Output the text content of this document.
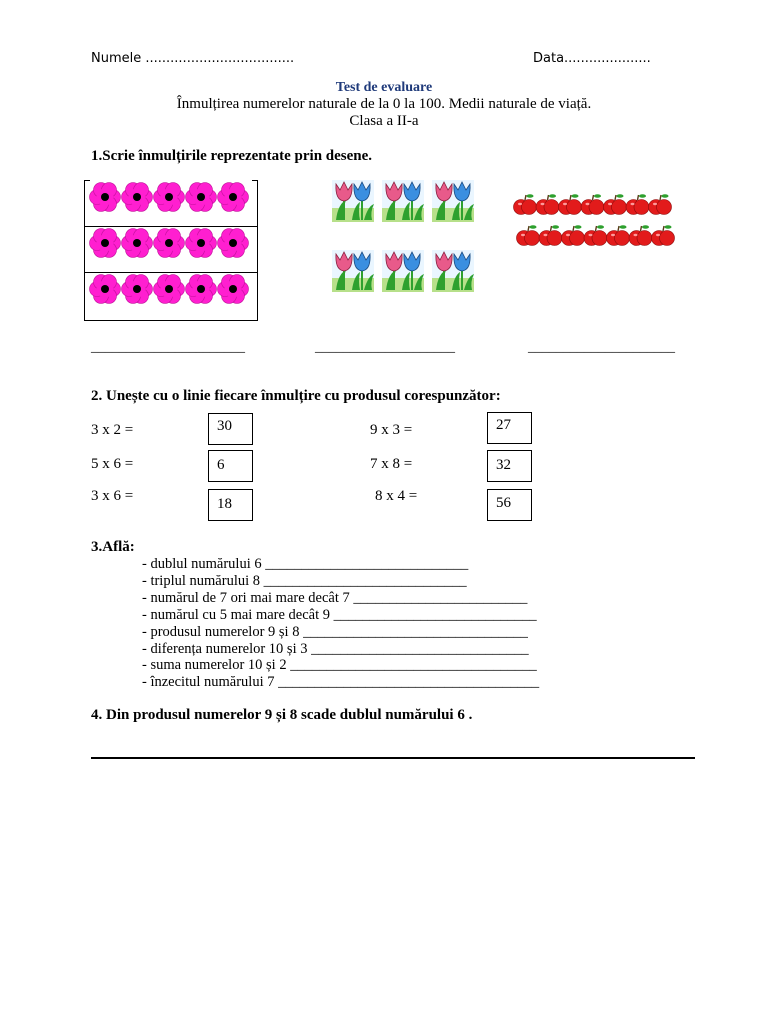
Numele ....................................	Data.....................
Test de evaluare
Înmulțirea numerelor naturale de la 0 la 100. Medii naturale de viață.
Clasa a II-a
1.Scrie înmulțirile reprezentate prin desene.
______________________	____________________	_____________________
2. Unește cu o linie fiecare înmulțire cu produsul corespunzător:
3 x 2 =
5 x 6 =
3 x 6 =
30
6
18
9 x 3 =
7 x 8 =
8 x 4 =
27
32
56
3.Află:
- dublul numărului 6 ____________________________
- triplul numărului 8 ____________________________
- numărul de 7 ori mai mare decât 7 ________________________
- numărul cu 5 mai mare decât 9 ____________________________
- produsul numerelor 9 și 8 _______________________________
- diferența numerelor 10 și 3 ______________________________
- suma numerelor 10 și 2 __________________________________
- înzecitul numărului 7 ____________________________________
4. Din produsul numerelor 9 și 8 scade dublul numărului 6 .
